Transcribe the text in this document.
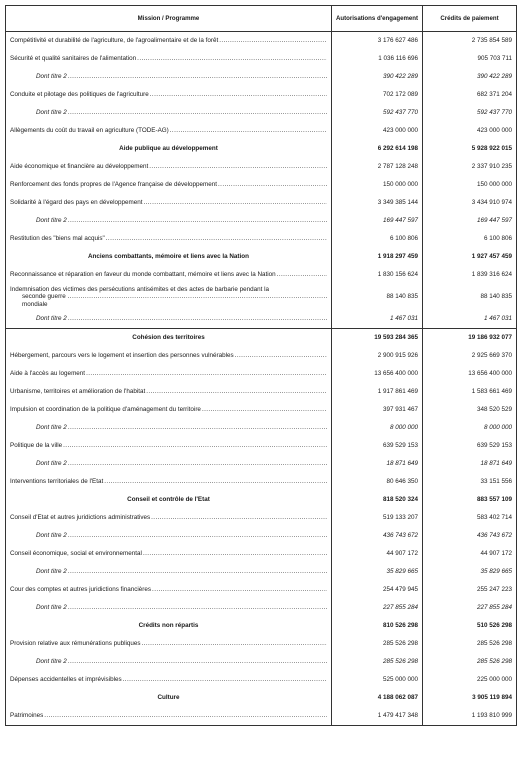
Mission / Programme	Autorisations d'engagement	Crédits de paiement

Compétitivité et durabilité de l'agriculture, de l'agroalimentaire et de la forêt
.....	3 176 627 486	2 735 854 589

Sécurité et qualité sanitaires de l'alimentation
.....	1 036 116 696	905 703 711

Dont titre 2
.....	390 422 289	390 422 289

Conduite et pilotage des politiques de l'agriculture
.....	702 172 089	682 371 204

Dont titre 2
.....	592 437 770	592 437 770

Allègements du coût du travail en agriculture (TODE-AG)
.....	423 000 000	423 000 000
Aide publique au développement	6 292 614 198	5 928 922 015

Aide économique et financière au développement
.....	2 787 128 248	2 337 910 235

Renforcement des fonds propres de l'Agence française de développement
.....	150 000 000	150 000 000

Solidarité à l'égard des pays en développement
.....	3 349 385 144	3 434 910 974

Dont titre 2
.....	169 447 597	169 447 597

Restitution des "biens mal acquis"
.....	6 100 806	6 100 806
Anciens combattants, mémoire et liens avec la Nation	1 918 297 459	1 927 457 459

Reconnaissance et réparation en faveur du monde combattant, mémoire et liens avec la Nation
.....	1 830 156 624	1 839 316 624

Indemnisation des victimes des persécutions antisémites et des actes de barbarie pendant la
seconde guerre mondiale
.....	88 140 835	88 140 835

Dont titre 2
.....	1 467 031	1 467 031
Cohésion des territoires	19 593 284 365	19 186 932 077

Hébergement, parcours vers le logement et insertion des personnes vulnérables
.....	2 900 915 926	2 925 669 370

Aide à l'accès au logement
.....	13 656 400 000	13 656 400 000

Urbanisme, territoires et amélioration de l'habitat
.....	1 917 861 469	1 583 661 469

Impulsion et coordination de la politique d'aménagement du territoire
.....	397 931 467	348 520 529

Dont titre 2
.....	8 000 000	8 000 000

Politique de la ville
.....	639 529 153	639 529 153

Dont titre 2
.....	18 871 649	18 871 649

Interventions territoriales de l'Etat
.....	80 646 350	33 151 556
Conseil et contrôle de l'Etat	818 520 324	883 557 109

Conseil d'Etat et autres juridictions administratives
.....	519 133 207	583 402 714

Dont titre 2
.....	436 743 672	436 743 672

Conseil économique, social et environnemental
.....	44 907 172	44 907 172

Dont titre 2
.....	35 829 665	35 829 665

Cour des comptes et autres juridictions financières
.....	254 479 945	255 247 223

Dont titre 2
.....	227 855 284	227 855 284
Crédits non répartis	810 526 298	510 526 298

Provision relative aux rémunérations publiques
.....	285 526 298	285 526 298

Dont titre 2
.....	285 526 298	285 526 298

Dépenses accidentelles et imprévisibles
.....	525 000 000	225 000 000
Culture	4 188 062 087	3 905 119 894

Patrimoines
.....	1 479 417 348	1 193 810 999
